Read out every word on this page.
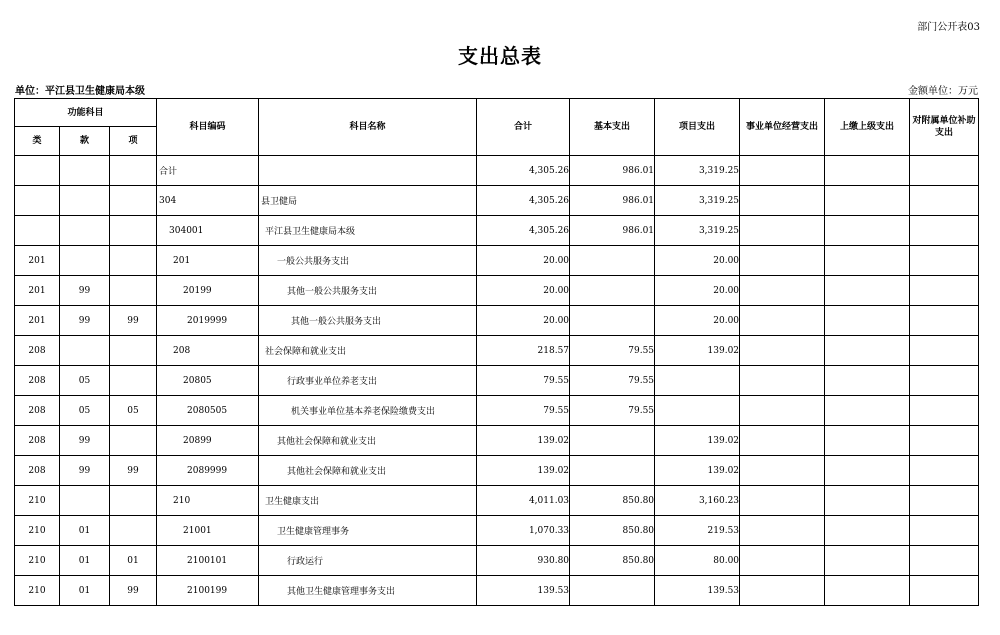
部门公开表03
支出总表
单位：平江县卫生健康局本级	金额单位：万元
功能科目			科目编码	科目名称	合计	基本支出	项目支出	事业单位经营支出	上缴上级支出	对附属单位补助支出
类	款	项								
			合计		4,305.26	986.01	3,319.25			
			304	县卫健局	4,305.26	986.01	3,319.25			
			304001	平江县卫生健康局本级	4,305.26	986.01	3,319.25			
201			201	一般公共服务支出	20.00		20.00			
201	99		20199	其他一般公共服务支出	20.00		20.00			
201	99	99	2019999	其他一般公共服务支出	20.00		20.00			
208			208	社会保障和就业支出	218.57	79.55	139.02			
208	05		20805	行政事业单位养老支出	79.55	79.55				
208	05	05	2080505	机关事业单位基本养老保险缴费支出	79.55	79.55				
208	99		20899	其他社会保障和就业支出	139.02		139.02			
208	99	99	2089999	其他社会保障和就业支出	139.02		139.02			
210			210	卫生健康支出	4,011.03	850.80	3,160.23			
210	01		21001	卫生健康管理事务	1,070.33	850.80	219.53			
210	01	01	2100101	行政运行	930.80	850.80	80.00			
210	01	99	2100199	其他卫生健康管理事务支出	139.53		139.53			
